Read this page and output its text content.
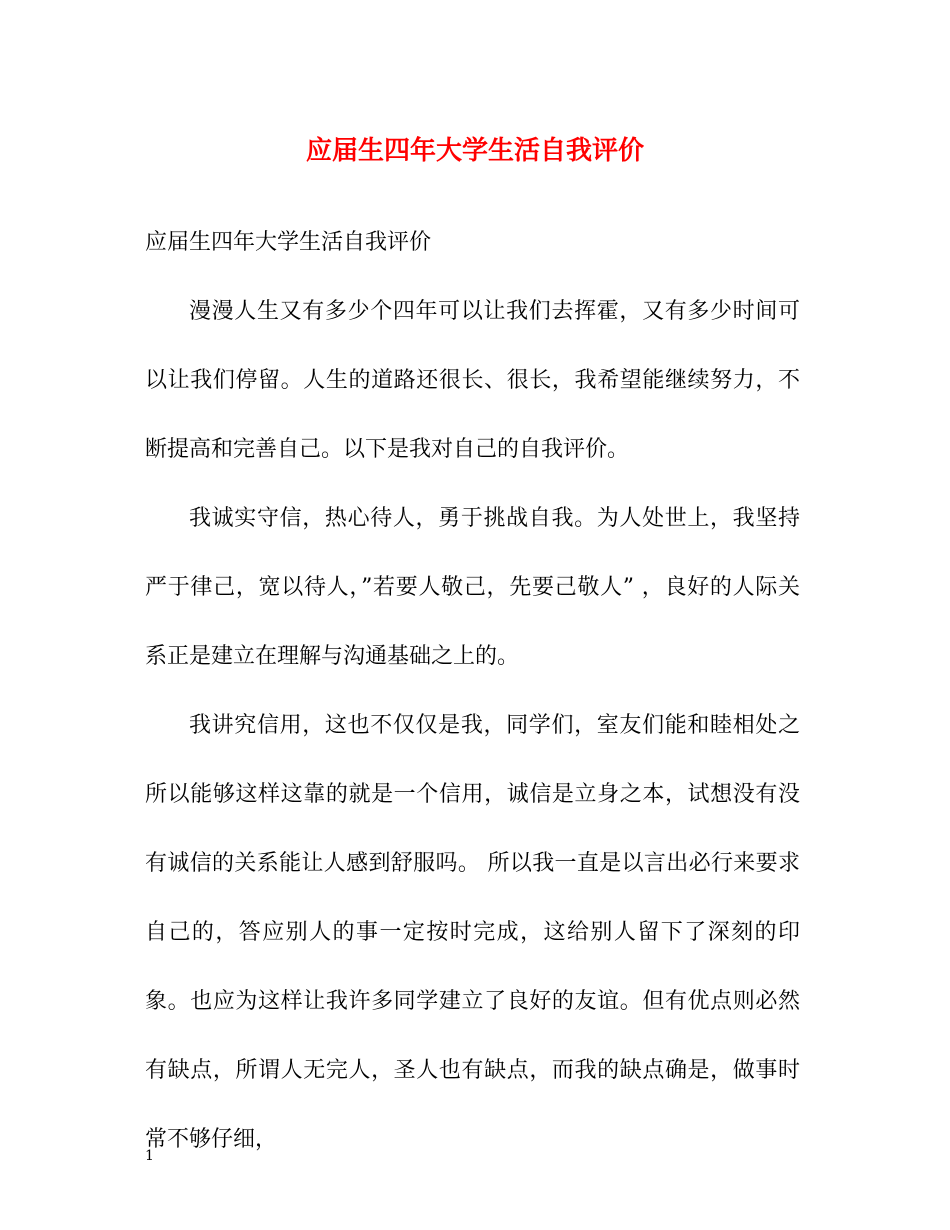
应届生四年大学生活自我评价

应届生四年大学生活自我评价

漫漫人生又有多少个四年可以让我们去挥霍，又有多少时间可以让我们停留。人生的道路还很长、很长，我希望能继续努力，不断提高和完善自己。以下是我对自己的自我评价。

我诚实守信，热心待人，勇于挑战自我。为人处世上，我坚持严于律己，宽以待人，”若要人敬己，先要己敬人” ，良好的人际关系正是建立在理解与沟通基础之上的。

我讲究信用，这也不仅仅是我，同学们，室友们能和睦相处之所以能够这样这靠的就是一个信用，诚信是立身之本，试想没有没有诚信的关系能让人感到舒服吗。 所以我一直是以言出必行来要求自己的，答应别人的事一定按时完成，这给别人留下了深刻的印象。也应为这样让我许多同学建立了良好的友谊。但有优点则必然有缺点，所谓人无完人，圣人也有缺点，而我的缺点确是，做事时常不够仔细，

1
